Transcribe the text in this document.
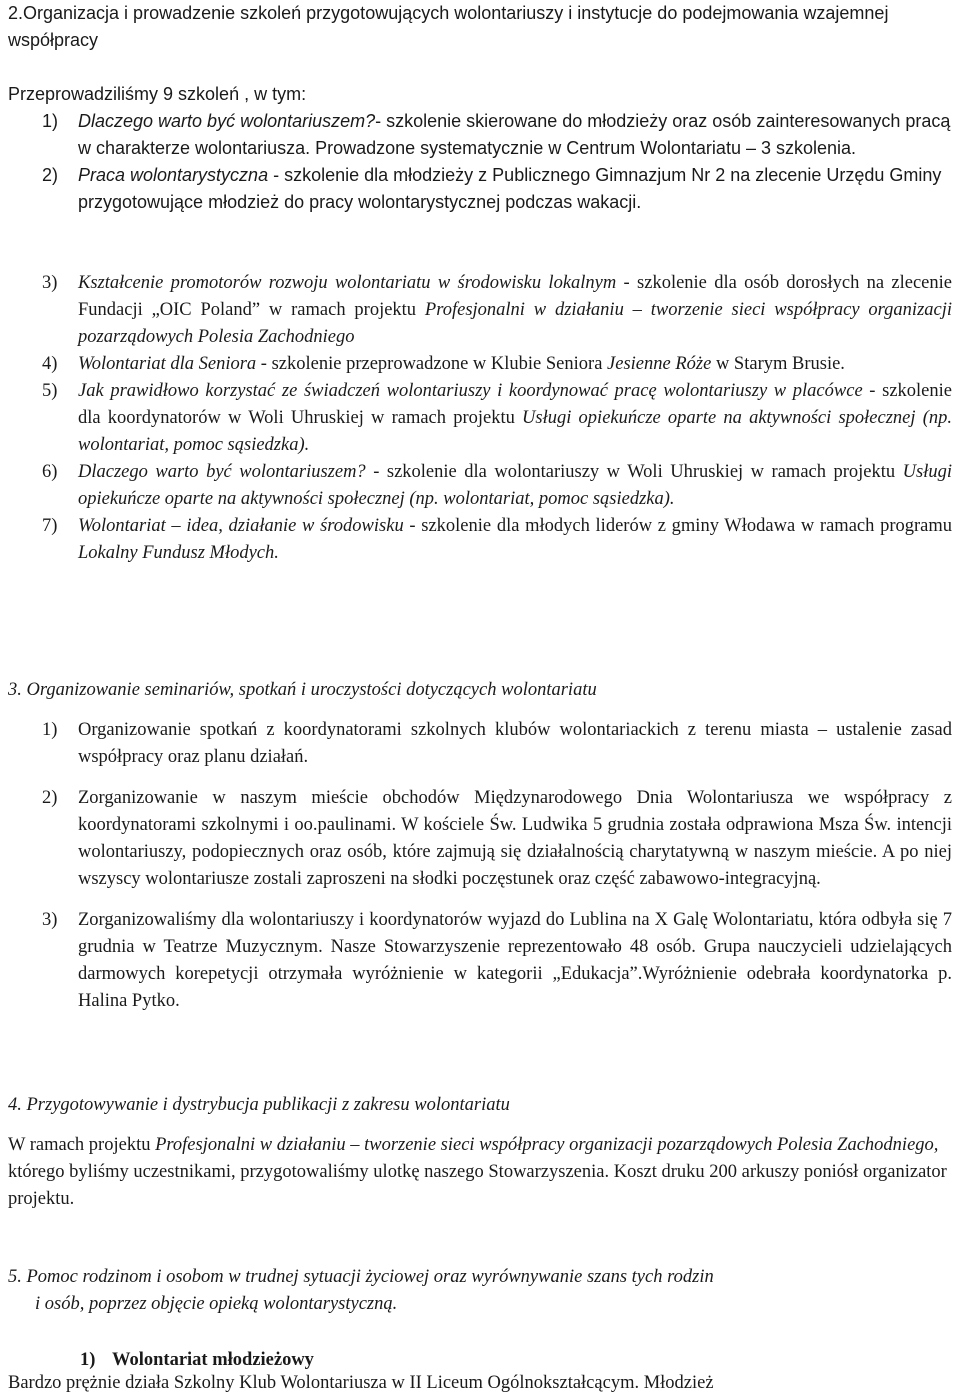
2.Organizacja i prowadzenie szkoleń przygotowujących wolontariuszy i instytucje do podejmowania wzajemnej współpracy

Przeprowadziliśmy 9 szkoleń , w tym:

1) Dlaczego warto być wolontariuszem?- szkolenie skierowane do młodzieży oraz osób zainteresowanych pracą w charakterze wolontariusza. Prowadzone systematycznie w Centrum Wolontariatu – 3 szkolenia.
2) Praca wolontarystyczna - szkolenie dla młodzieży z Publicznego Gimnazjum Nr 2 na zlecenie Urzędu Gminy przygotowujące młodzież do pracy wolontarystycznej podczas wakacji.
3) Kształcenie promotorów rozwoju wolontariatu w środowisku lokalnym - szkolenie dla osób dorosłych na zlecenie Fundacji „OIC Poland” w ramach projektu Profesjonalni w działaniu – tworzenie sieci współpracy organizacji pozarządowych Polesia Zachodniego
4) Wolontariat dla Seniora - szkolenie przeprowadzone w Klubie Seniora Jesienne Róże w Starym Brusie.
5) Jak prawidłowo korzystać ze świadczeń wolontariuszy i koordynować pracę wolontariuszy w placówce - szkolenie dla koordynatorów w Woli Uhruskiej w ramach projektu Usługi opiekuńcze oparte na aktywności społecznej (np. wolontariat, pomoc sąsiedzka).
6) Dlaczego warto być wolontariuszem? - szkolenie dla wolontariuszy w Woli Uhruskiej w ramach projektu Usługi opiekuńcze oparte na aktywności społecznej (np. wolontariat, pomoc sąsiedzka).
7) Wolontariat – idea, działanie w środowisku - szkolenie dla młodych liderów z gminy Włodawa w ramach programu Lokalny Fundusz Młodych.

3. Organizowanie seminariów, spotkań i uroczystości dotyczących wolontariatu

1) Organizowanie spotkań z koordynatorami szkolnych klubów wolontariackich z terenu miasta – ustalenie zasad współpracy oraz planu działań.
2) Zorganizowanie w naszym mieście obchodów Międzynarodowego Dnia Wolontariusza we współpracy z koordynatorami szkolnymi i oo.paulinami. W kościele Św. Ludwika 5 grudnia została odprawiona Msza Św. intencji wolontariuszy, podopiecznych oraz osób, które zajmują się działalnością charytatywną w naszym mieście. A po niej wszyscy wolontariusze zostali zaproszeni na słodki poczęstunek oraz część zabawowo-integracyjną.
3) Zorganizowaliśmy dla wolontariuszy i koordynatorów wyjazd do Lublina na X Galę Wolontariatu, która odbyła się 7 grudnia w Teatrze Muzycznym. Nasze Stowarzyszenie reprezentowało 48 osób. Grupa nauczycieli udzielających darmowych korepetycji otrzymała wyróżnienie w kategorii „Edukacja”.Wyróżnienie odebrała koordynatorka p. Halina Pytko.

4. Przygotowywanie i dystrybucja publikacji z zakresu wolontariatu

W ramach projektu Profesjonalni w działaniu – tworzenie sieci współpracy organizacji pozarządowych Polesia Zachodniego, którego byliśmy uczestnikami, przygotowaliśmy ulotkę naszego Stowarzyszenia. Koszt druku 200 arkuszy poniósł organizator projektu.

5. Pomoc rodzinom i osobom w trudnej sytuacji życiowej oraz wyrównywanie szans tych rodzin

i osób, poprzez objęcie opieką wolontarystyczną.

1) Wolontariat młodzieżowy

Bardzo prężnie działa Szkolny Klub Wolontariusza w II Liceum Ogólnokształcącym. Młodzież
